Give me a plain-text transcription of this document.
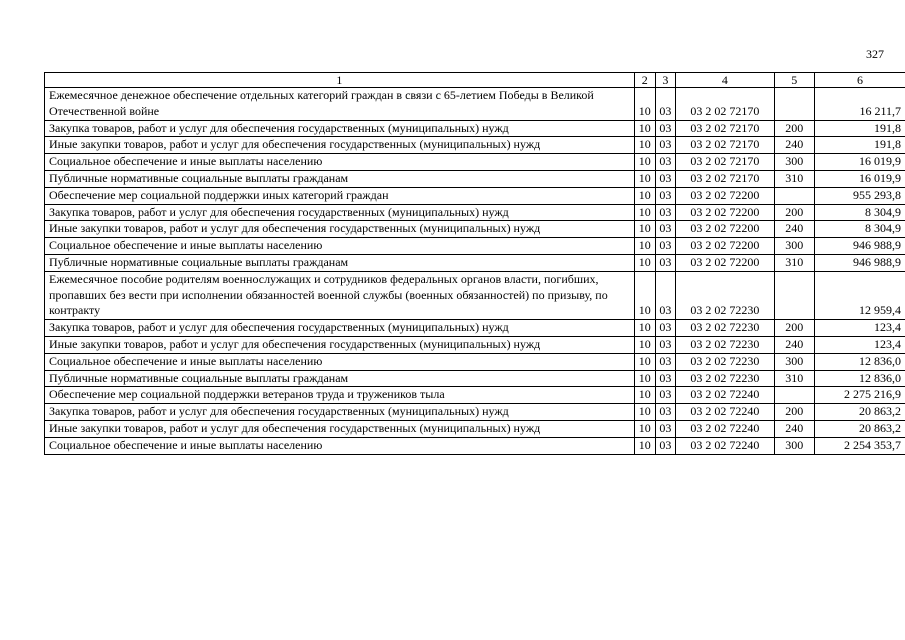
327
1	2	3	4	5	6
Ежемесячное денежное обеспечение отдельных категорий граждан в связи с 65-летием Победы в Великой Отечественной войне	10	03	03 2 02 72170		16 211,7
Закупка товаров, работ и услуг для обеспечения государственных (муниципальных) нужд	10	03	03 2 02 72170	200	191,8
Иные закупки товаров, работ и услуг для обеспечения государственных (муниципальных) нужд	10	03	03 2 02 72170	240	191,8
Социальное обеспечение и иные выплаты населению	10	03	03 2 02 72170	300	16 019,9
Публичные нормативные социальные выплаты гражданам	10	03	03 2 02 72170	310	16 019,9
Обеспечение мер социальной поддержки иных категорий граждан	10	03	03 2 02 72200		955 293,8
Закупка товаров, работ и услуг для обеспечения государственных (муниципальных) нужд	10	03	03 2 02 72200	200	8 304,9
Иные закупки товаров, работ и услуг для обеспечения государственных (муниципальных) нужд	10	03	03 2 02 72200	240	8 304,9
Социальное обеспечение и иные выплаты населению	10	03	03 2 02 72200	300	946 988,9
Публичные нормативные социальные выплаты гражданам	10	03	03 2 02 72200	310	946 988,9
Ежемесячное пособие родителям военнослужащих и сотрудников федеральных органов власти, погибших, пропавших без вести при исполнении обязанностей военной службы (военных обязанностей) по призыву, по контракту	10	03	03 2 02 72230		12 959,4
Закупка товаров, работ и услуг для обеспечения государственных (муниципальных) нужд	10	03	03 2 02 72230	200	123,4
Иные закупки товаров, работ и услуг для обеспечения государственных (муниципальных) нужд	10	03	03 2 02 72230	240	123,4
Социальное обеспечение и иные выплаты населению	10	03	03 2 02 72230	300	12 836,0
Публичные нормативные социальные выплаты гражданам	10	03	03 2 02 72230	310	12 836,0
Обеспечение мер социальной поддержки ветеранов труда и тружеников тыла	10	03	03 2 02 72240		2 275 216,9
Закупка товаров, работ и услуг для обеспечения государственных (муниципальных) нужд	10	03	03 2 02 72240	200	20 863,2
Иные закупки товаров, работ и услуг для обеспечения государственных (муниципальных) нужд	10	03	03 2 02 72240	240	20 863,2
Социальное обеспечение и иные выплаты населению	10	03	03 2 02 72240	300	2 254 353,7
